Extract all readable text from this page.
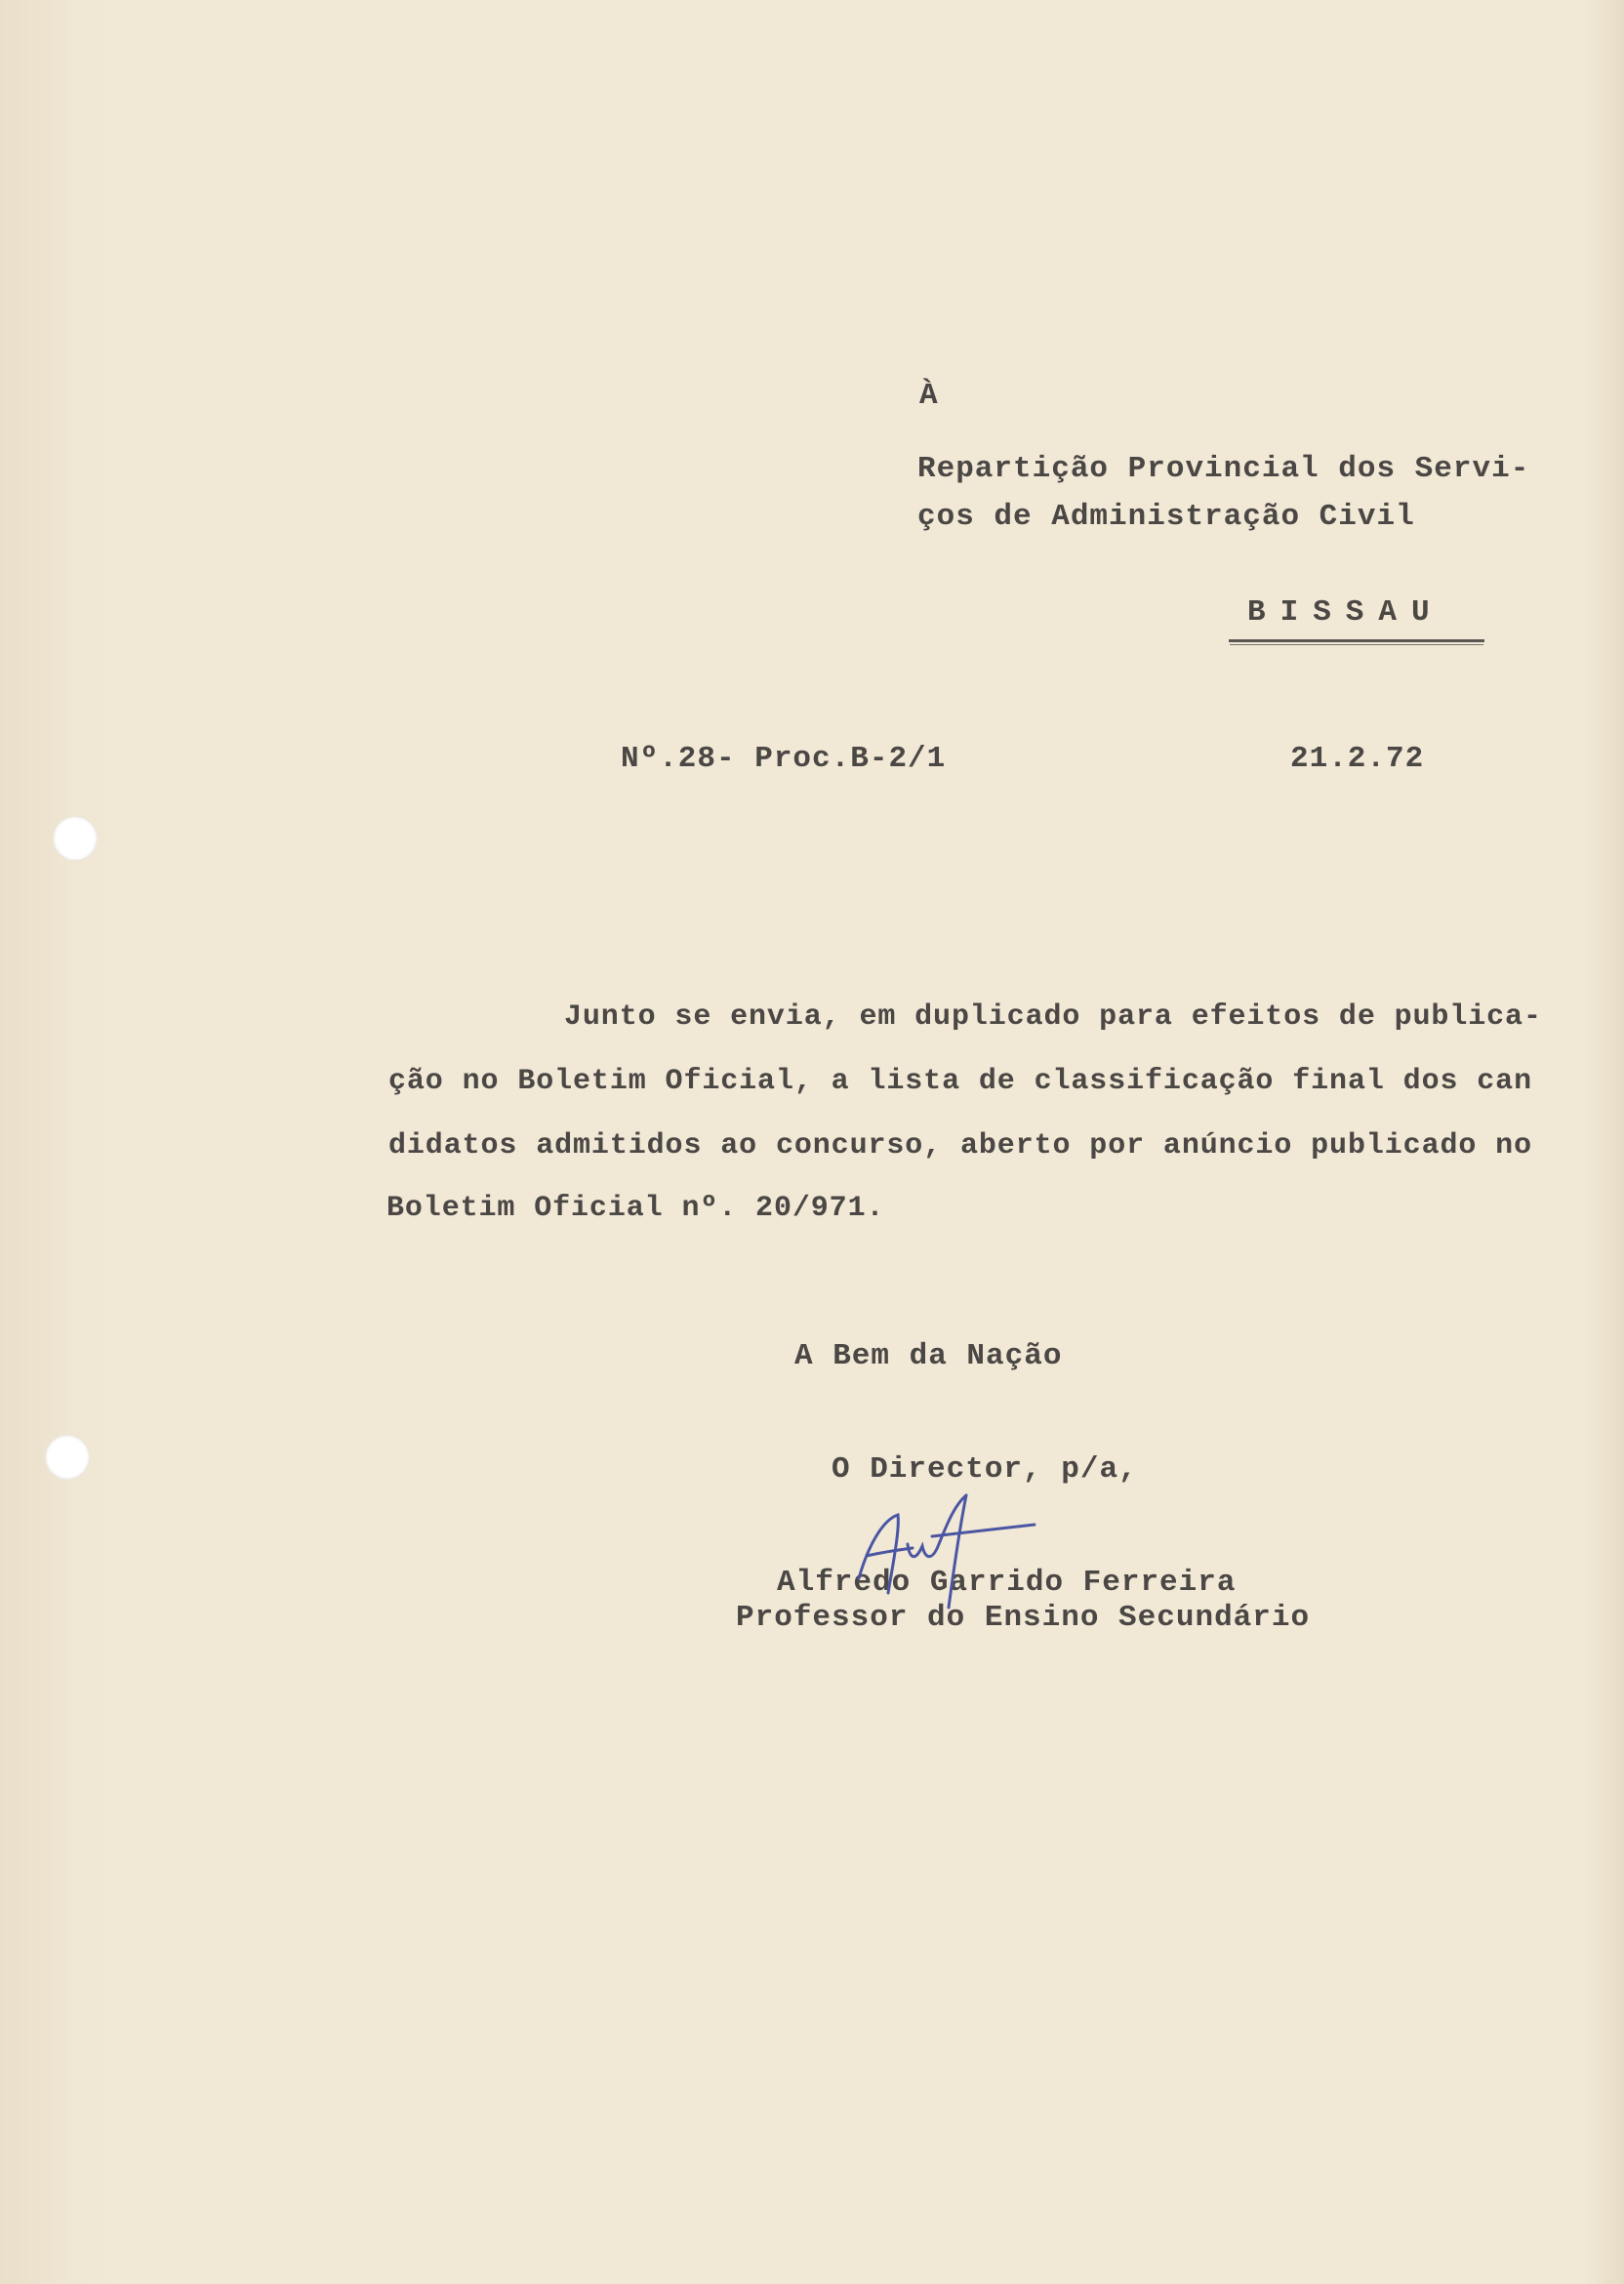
À
Repartição Provincial dos Servi-
ços de Administração Civil
BISSAU
Nº.28- Proc.B-2/1	21.2.72
Junto se envia, em duplicado para efeitos de publica-
ção no Boletim Oficial, a lista de classificação final dos can
didatos admitidos ao concurso, aberto por anúncio publicado no
Boletim Oficial nº. 20/971.
A Bem da Nação
O Director, p/a,
Alfredo Garrido Ferreira
Professor do Ensino Secundário
